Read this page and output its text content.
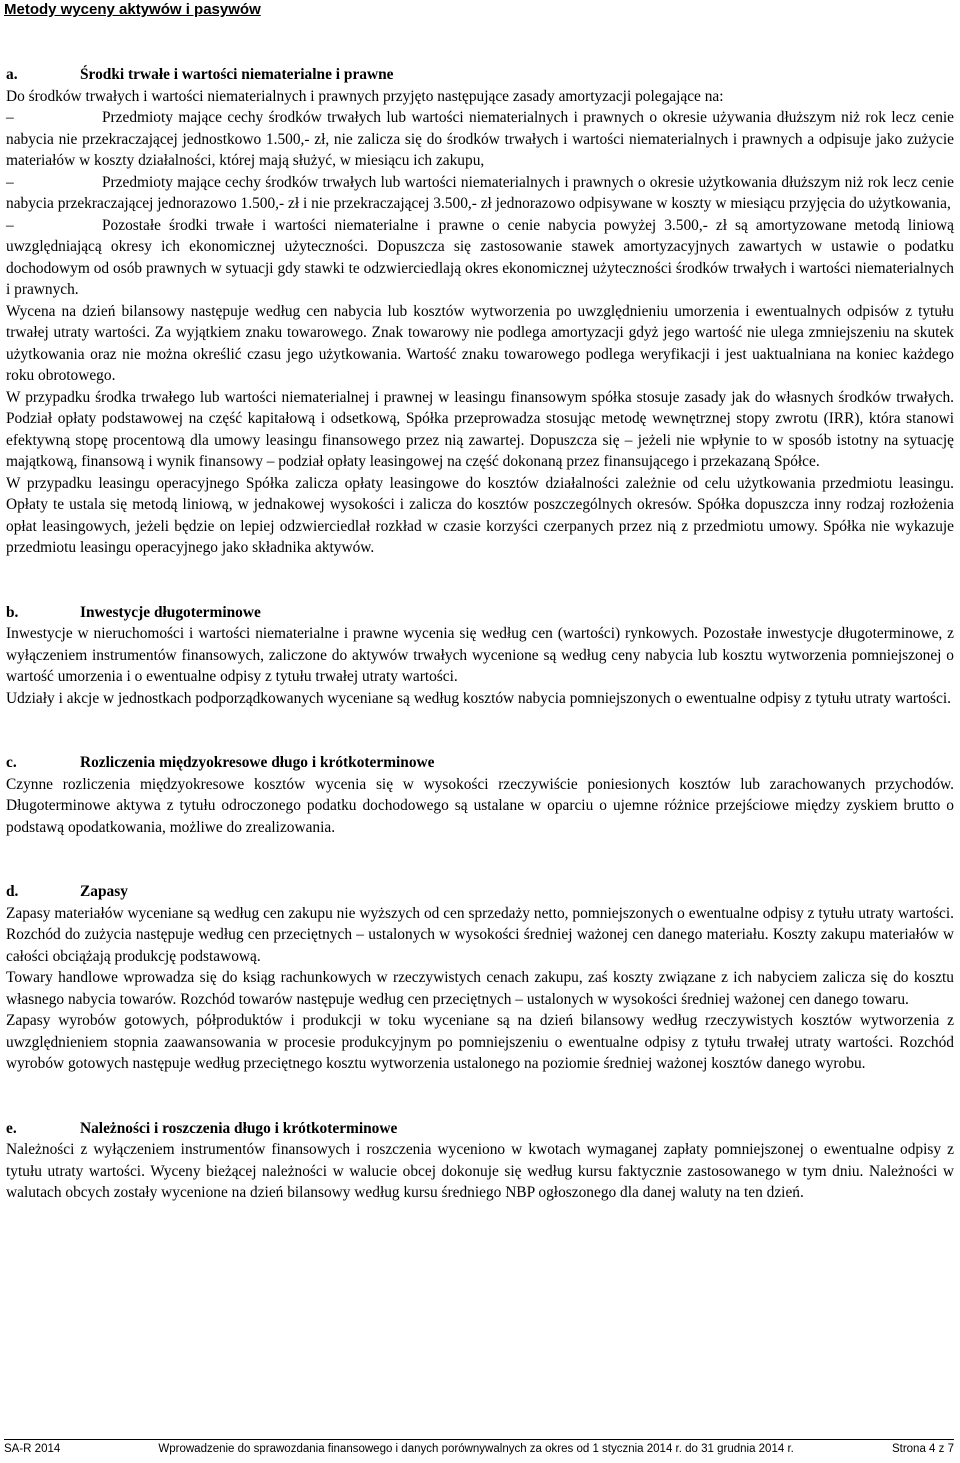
Metody wyceny aktywów i pasywów
a.	Środki trwałe i wartości niematerialne i prawne

Do środków trwałych i wartości niematerialnych i prawnych przyjęto następujące zasady amortyzacji polegające na:

–	Przedmioty mające cechy środków trwałych lub wartości niematerialnych i prawnych o okresie używania dłuższym niż rok lecz cenie nabycia nie przekraczającej jednostkowo 1.500,- zł, nie zalicza się do środków trwałych i wartości niematerialnych i prawnych a odpisuje jako zużycie materiałów w koszty działalności, której mają służyć, w miesiącu ich zakupu,

–	Przedmioty mające cechy środków trwałych lub wartości niematerialnych i prawnych o okresie użytkowania dłuższym niż rok lecz cenie nabycia przekraczającej jednorazowo 1.500,- zł i nie przekraczającej 3.500,- zł jednorazowo odpisywane w koszty w miesiącu przyjęcia do użytkowania,

–	Pozostałe środki trwałe i wartości niematerialne i prawne o cenie nabycia powyżej 3.500,- zł są amortyzowane metodą liniową uwzględniającą okresy ich ekonomicznej użyteczności. Dopuszcza się zastosowanie stawek amortyzacyjnych zawartych w ustawie o podatku dochodowym od osób prawnych w sytuacji gdy stawki te odzwierciedlają okres ekonomicznej użyteczności środków trwałych i wartości niematerialnych i prawnych.

Wycena na dzień bilansowy następuje według cen nabycia lub kosztów wytworzenia po uwzględnieniu umorzenia i ewentualnych odpisów z tytułu trwałej utraty wartości. Za wyjątkiem znaku towarowego. Znak towarowy nie podlega amortyzacji gdyż jego wartość nie ulega zmniejszeniu na skutek użytkowania oraz nie można określić czasu jego użytkowania. Wartość znaku towarowego podlega weryfikacji i jest uaktualniana na koniec każdego roku obrotowego.

W przypadku środka trwałego lub wartości niematerialnej i prawnej w leasingu finansowym spółka stosuje zasady jak do własnych środków trwałych. Podział opłaty podstawowej na część kapitałową i odsetkową, Spółka przeprowadza stosując metodę wewnętrznej stopy zwrotu (IRR), która stanowi efektywną stopę procentową dla umowy leasingu finansowego przez nią zawartej. Dopuszcza się – jeżeli nie wpłynie to w sposób istotny na sytuację majątkową, finansową i wynik finansowy – podział opłaty leasingowej na część dokonaną przez finansującego i przekazaną Spółce.

W przypadku leasingu operacyjnego Spółka zalicza opłaty leasingowe do kosztów działalności zależnie od celu użytkowania przedmiotu leasingu. Opłaty te ustala się metodą liniową, w jednakowej wysokości i zalicza do kosztów poszczególnych okresów. Spółka dopuszcza inny rodzaj rozłożenia opłat leasingowych, jeżeli będzie on lepiej odzwierciedlał rozkład w czasie korzyści czerpanych przez nią z przedmiotu umowy. Spółka nie wykazuje przedmiotu leasingu operacyjnego jako składnika aktywów.

b.	Inwestycje długoterminowe

Inwestycje w nieruchomości i wartości niematerialne i prawne wycenia się według cen (wartości) rynkowych. Pozostałe inwestycje długoterminowe, z wyłączeniem instrumentów finansowych, zaliczone do aktywów trwałych wycenione są według ceny nabycia lub kosztu wytworzenia pomniejszonej o wartość umorzenia i o ewentualne odpisy z tytułu trwałej utraty wartości.

Udziały i akcje w jednostkach podporządkowanych wyceniane są według kosztów nabycia pomniejszonych o ewentualne odpisy z tytułu utraty wartości.

c.	Rozliczenia międzyokresowe długo i krótkoterminowe

Czynne rozliczenia międzyokresowe kosztów wycenia się w wysokości rzeczywiście poniesionych kosztów lub zarachowanych przychodów. Długoterminowe aktywa z tytułu odroczonego podatku dochodowego są ustalane w oparciu o ujemne różnice przejściowe między zyskiem brutto o podstawą opodatkowania, możliwe do zrealizowania.

d.	Zapasy

Zapasy materiałów wyceniane są według cen zakupu nie wyższych od cen sprzedaży netto, pomniejszonych o ewentualne odpisy z tytułu utraty wartości. Rozchód do zużycia następuje według cen przeciętnych – ustalonych w wysokości średniej ważonej cen danego materiału. Koszty zakupu materiałów w całości obciążają produkcję podstawową.

Towary handlowe wprowadza się do ksiąg rachunkowych w rzeczywistych cenach zakupu, zaś koszty związane z ich nabyciem zalicza się do kosztu własnego nabycia towarów. Rozchód towarów następuje według cen przeciętnych – ustalonych w wysokości średniej ważonej cen danego towaru.

Zapasy wyrobów gotowych, półproduktów i produkcji w toku wyceniane są na dzień bilansowy według rzeczywistych kosztów wytworzenia z uwzględnieniem stopnia zaawansowania w procesie produkcyjnym po pomniejszeniu o ewentualne odpisy z tytułu trwałej utraty wartości. Rozchód wyrobów gotowych następuje według przeciętnego kosztu wytworzenia ustalonego na poziomie średniej ważonej kosztów danego wyrobu.

e.	Należności i roszczenia długo i krótkoterminowe

Należności z wyłączeniem instrumentów finansowych i roszczenia wyceniono w kwotach wymaganej zapłaty pomniejszonej o ewentualne odpisy z tytułu utraty wartości. Wyceny bieżącej należności w walucie obcej dokonuje się według kursu faktycznie zastosowanego w tym dniu. Należności w walutach obcych zostały wycenione na dzień bilansowy według kursu średniego NBP ogłoszonego dla danej waluty na ten dzień.

SA-R 2014	Wprowadzenie do sprawozdania finansowego i danych porównywalnych za okres od 1 stycznia 2014 r. do 31 grudnia 2014 r.	Strona 4 z 7
